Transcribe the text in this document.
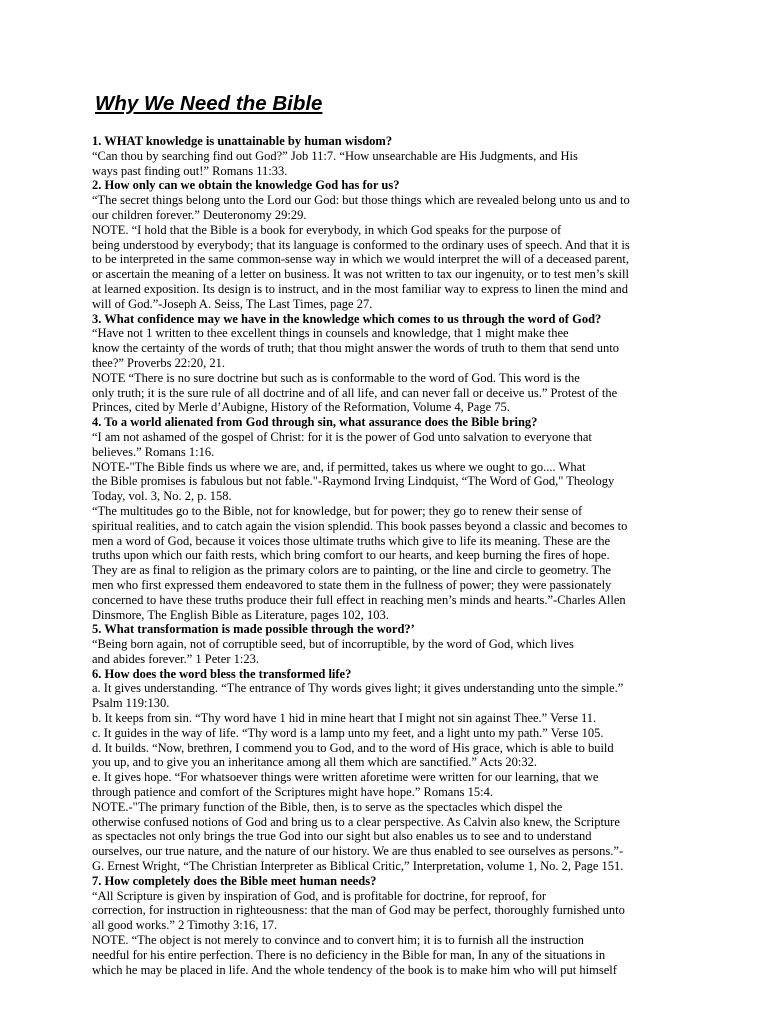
Why We Need the Bible
1. WHAT knowledge is unattainable by human wisdom?
“Can thou by searching find out God?” Job 11:7. “How unsearchable are His Judgments, and His
ways past finding out!” Romans 11:33.
2. How only can we obtain the knowledge God has for us?
“The secret things belong unto the Lord our God: but those things which are revealed belong unto us and to
our children forever.” Deuteronomy 29:29.
NOTE. “I hold that the Bible is a book for everybody, in which God speaks for the purpose of
being understood by everybody; that its language is conformed to the ordinary uses of speech. And that it is
to be interpreted in the same common-sense way in which we would interpret the will of a deceased parent,
or ascertain the meaning of a letter on business. It was not written to tax our ingenuity, or to test men’s skill
at learned exposition. Its design is to instruct, and in the most familiar way to express to linen the mind and
will of God.”-Joseph A. Seiss, The Last Times, page 27.
3. What confidence may we have in the knowledge which comes to us through the word of God?
“Have not 1 written to thee excellent things in counsels and knowledge, that 1 might make thee
know the certainty of the words of truth; that thou might answer the words of truth to them that send unto
thee?” Proverbs 22:20, 21.
NOTE “There is no sure doctrine but such as is conformable to the word of God. This word is the
only truth; it is the sure rule of all doctrine and of all life, and can never fall or deceive us.” Protest of the
Princes, cited by Merle d’Aubigne, History of the Reformation, Volume 4, Page 75.
4. To a world alienated from God through sin, what assurance does the Bible bring?
“I am not ashamed of the gospel of Christ: for it is the power of God unto salvation to everyone that
believes.” Romans 1:16.
NOTE-"The Bible finds us where we are, and, if permitted, takes us where we ought to go.... What
the Bible promises is fabulous but not fable."-Raymond Irving Lindquist, “The Word of God," Theology
Today, vol. 3, No. 2, p. 158.
“The multitudes go to the Bible, not for knowledge, but for power; they go to renew their sense of
spiritual realities, and to catch again the vision splendid. This book passes beyond a classic and becomes to
men a word of God, because it voices those ultimate truths which give to life its meaning. These are the
truths upon which our faith rests, which bring comfort to our hearts, and keep burning the fires of hope.
They are as final to religion as the primary colors are to painting, or the line and circle to geometry. The
men who first expressed them endeavored to state them in the fullness of power; they were passionately
concerned to have these truths produce their full effect in reaching men’s minds and hearts.”-Charles Allen
Dinsmore, The English Bible as Literature, pages 102, 103.
5. What transformation is made possible through the word?’
“Being born again, not of corruptible seed, but of incorruptible, by the word of God, which lives
and abides forever.” 1 Peter 1:23.
6. How does the word bless the transformed life?
a. It gives understanding. “The entrance of Thy words gives light; it gives understanding unto the simple.”
Psalm 119:130.
b. It keeps from sin. “Thy word have 1 hid in mine heart that I might not sin against Thee.” Verse 11.
c. It guides in the way of life. “Thy word is a lamp unto my feet, and a light unto my path.” Verse 105.
d. It builds. “Now, brethren, I commend you to God, and to the word of His grace, which is able to build
you up, and to give you an inheritance among all them which are sanctified.” Acts 20:32.
e. It gives hope. “For whatsoever things were written aforetime were written for our learning, that we
through patience and comfort of the Scriptures might have hope.” Romans 15:4.
NOTE.-"The primary function of the Bible, then, is to serve as the spectacles which dispel the
otherwise confused notions of God and bring us to a clear perspective. As Calvin also knew, the Scripture
as spectacles not only brings the true God into our sight but also enables us to see and to understand
ourselves, our true nature, and the nature of our history. We are thus enabled to see ourselves as persons.”-
G. Ernest Wright, “The Christian Interpreter as Biblical Critic,” Interpretation, volume 1, No. 2, Page 151.
7. How completely does the Bible meet human needs?
“All Scripture is given by inspiration of God, and is profitable for doctrine, for reproof, for
correction, for instruction in righteousness: that the man of God may be perfect, thoroughly furnished unto
all good works.” 2 Timothy 3:16, 17.
NOTE. “The object is not merely to convince and to convert him; it is to furnish all the instruction
needful for his entire perfection. There is no deficiency in the Bible for man, In any of the situations in
which he may be placed in life. And the whole tendency of the book is to make him who will put himself
